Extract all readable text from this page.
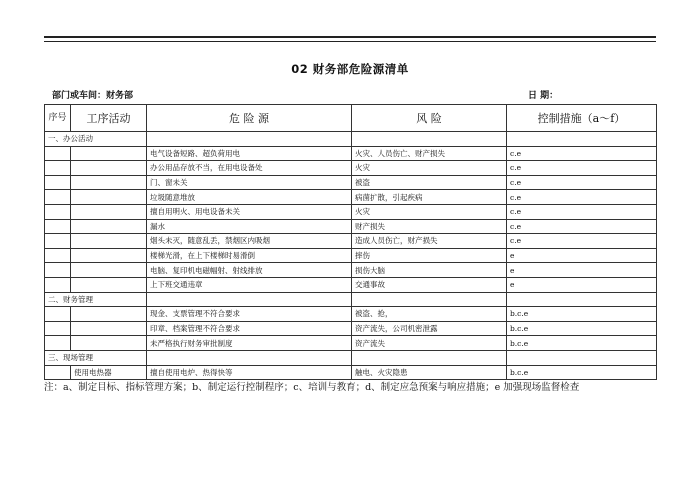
02 财务部危险源清单
部门或车间：财务部	日 期：
序号	工序活动	危 险 源	风 险	控制措施（a～f）
一、办公活动				
		电气设备短路、超负荷用电	火灾、人员伤亡、财产损失	c.e
		办公用品存放不当，在用电设备处	火灾	c.e
		门、窗未关	被盗	c.e
		垃圾随意堆放	病菌扩散，引起疾病	c.e
		擅自用明火、用电设备未关	火灾	c.e
		漏水	财产损失	c.e
		烟头未灭，随意乱丢，禁烟区内吸烟	造成人员伤亡，财产损失	c.e
		楼梯光滑，在上下楼梯时易滑倒	摔伤	e
		电脑、复印机电磁幅射、射线排放	损伤大脑	e
		上下班交通违章	交通事故	e
二、财务管理				
		现金、支票管理不符合要求	被盗、抢，	b.c.e
		印章、档案管理不符合要求	资产流失，公司机密泄露	b.c.e
		未严格执行财务审批制度	资产流失	b.c.e
三、现场管理				
	使用电热器	擅自使用电炉、热得快等	触电、火灾隐患	b.c.e
注：a、制定目标、指标管理方案；b、制定运行控制程序；c、培训与教育；d、制定应急预案与响应措施；e 加强现场监督检查
